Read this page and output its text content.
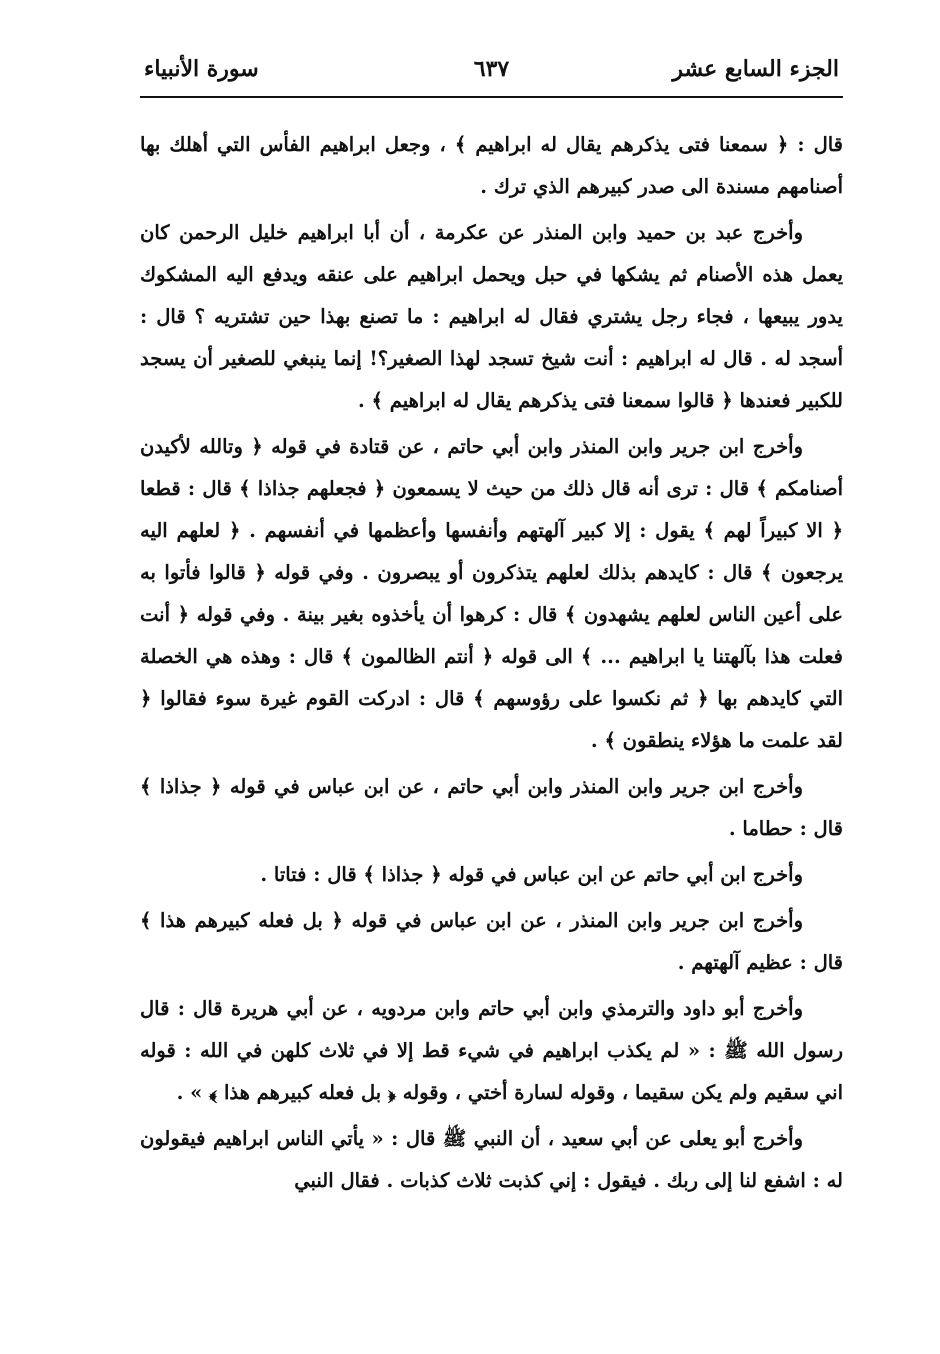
الجزء السابع عشر
٦٣٧
سورة الأنبياء

قال : ﴿ سمعنا فتى يذكرهم يقال له ابراهيم ﴾ ، وجعل ابراهيم الفأس التي أهلك بها أصنامهم مسندة الى صدر كبيرهم الذي ترك .

وأخرج عبد بن حميد وابن المنذر عن عكرمة ، أن أبا ابراهيم خليل الرحمن كان يعمل هذه الأصنام ثم يشكها في حبل ويحمل ابراهيم على عنقه ويدفع اليه المشكوك يدور يبيعها ، فجاء رجل يشتري فقال له ابراهيم : ما تصنع بهذا حين تشتريه ؟ قال : أسجد له . قال له ابراهيم : أنت شيخ تسجد لهذا الصغير؟! إنما ينبغي للصغير أن يسجد للكبير فعندها ﴿ قالوا سمعنا فتى يذكرهم يقال له ابراهيم ﴾ .

وأخرج ابن جرير وابن المنذر وابن أبي حاتم ، عن قتادة في قوله ﴿ وتالله لأكيدن أصنامكم ﴾ قال : ترى أنه قال ذلك من حيث لا يسمعون ﴿ فجعلهم جذاذا ﴾ قال : قطعا ﴿ الا كبيراً لهم ﴾ يقول : إلا كبير آلهتهم وأنفسها وأعظمها في أنفسهم . ﴿ لعلهم اليه يرجعون ﴾ قال : كايدهم بذلك لعلهم يتذكرون أو يبصرون . وفي قوله ﴿ قالوا فأتوا به على أعين الناس لعلهم يشهدون ﴾ قال : كرهوا أن يأخذوه بغير بينة . وفي قوله ﴿ أنت فعلت هذا بآلهتنا يا ابراهيم ... ﴾ الى قوله ﴿ أنتم الظالمون ﴾ قال : وهذه هي الخصلة التي كايدهم بها ﴿ ثم نكسوا على رؤوسهم ﴾ قال : ادركت القوم غيرة سوء فقالوا ﴿ لقد علمت ما هؤلاء ينطقون ﴾ .

وأخرج ابن جرير وابن المنذر وابن أبي حاتم ، عن ابن عباس في قوله ﴿ جذاذا ﴾ قال : حطاما .

وأخرج ابن أبي حاتم عن ابن عباس في قوله ﴿ جذاذا ﴾ قال : فتاتا .

وأخرج ابن جرير وابن المنذر ، عن ابن عباس في قوله ﴿ بل فعله كبيرهم هذا ﴾ قال : عظيم آلهتهم .

وأخرج أبو داود والترمذي وابن أبي حاتم وابن مردويه ، عن أبي هريرة قال : قال رسول الله ﷺ : « لم يكذب ابراهيم في شيء قط إلا في ثلاث كلهن في الله : قوله اني سقيم ولم يكن سقيما ، وقوله لسارة أختي ، وقوله ﴿ بل فعله كبيرهم هذا ﴾ » .

وأخرج أبو يعلى عن أبي سعيد ، أن النبي ﷺ قال : « يأتي الناس ابراهيم فيقولون له : اشفع لنا إلى ربك . فيقول : إني كذبت ثلاث كذبات . فقال النبي
